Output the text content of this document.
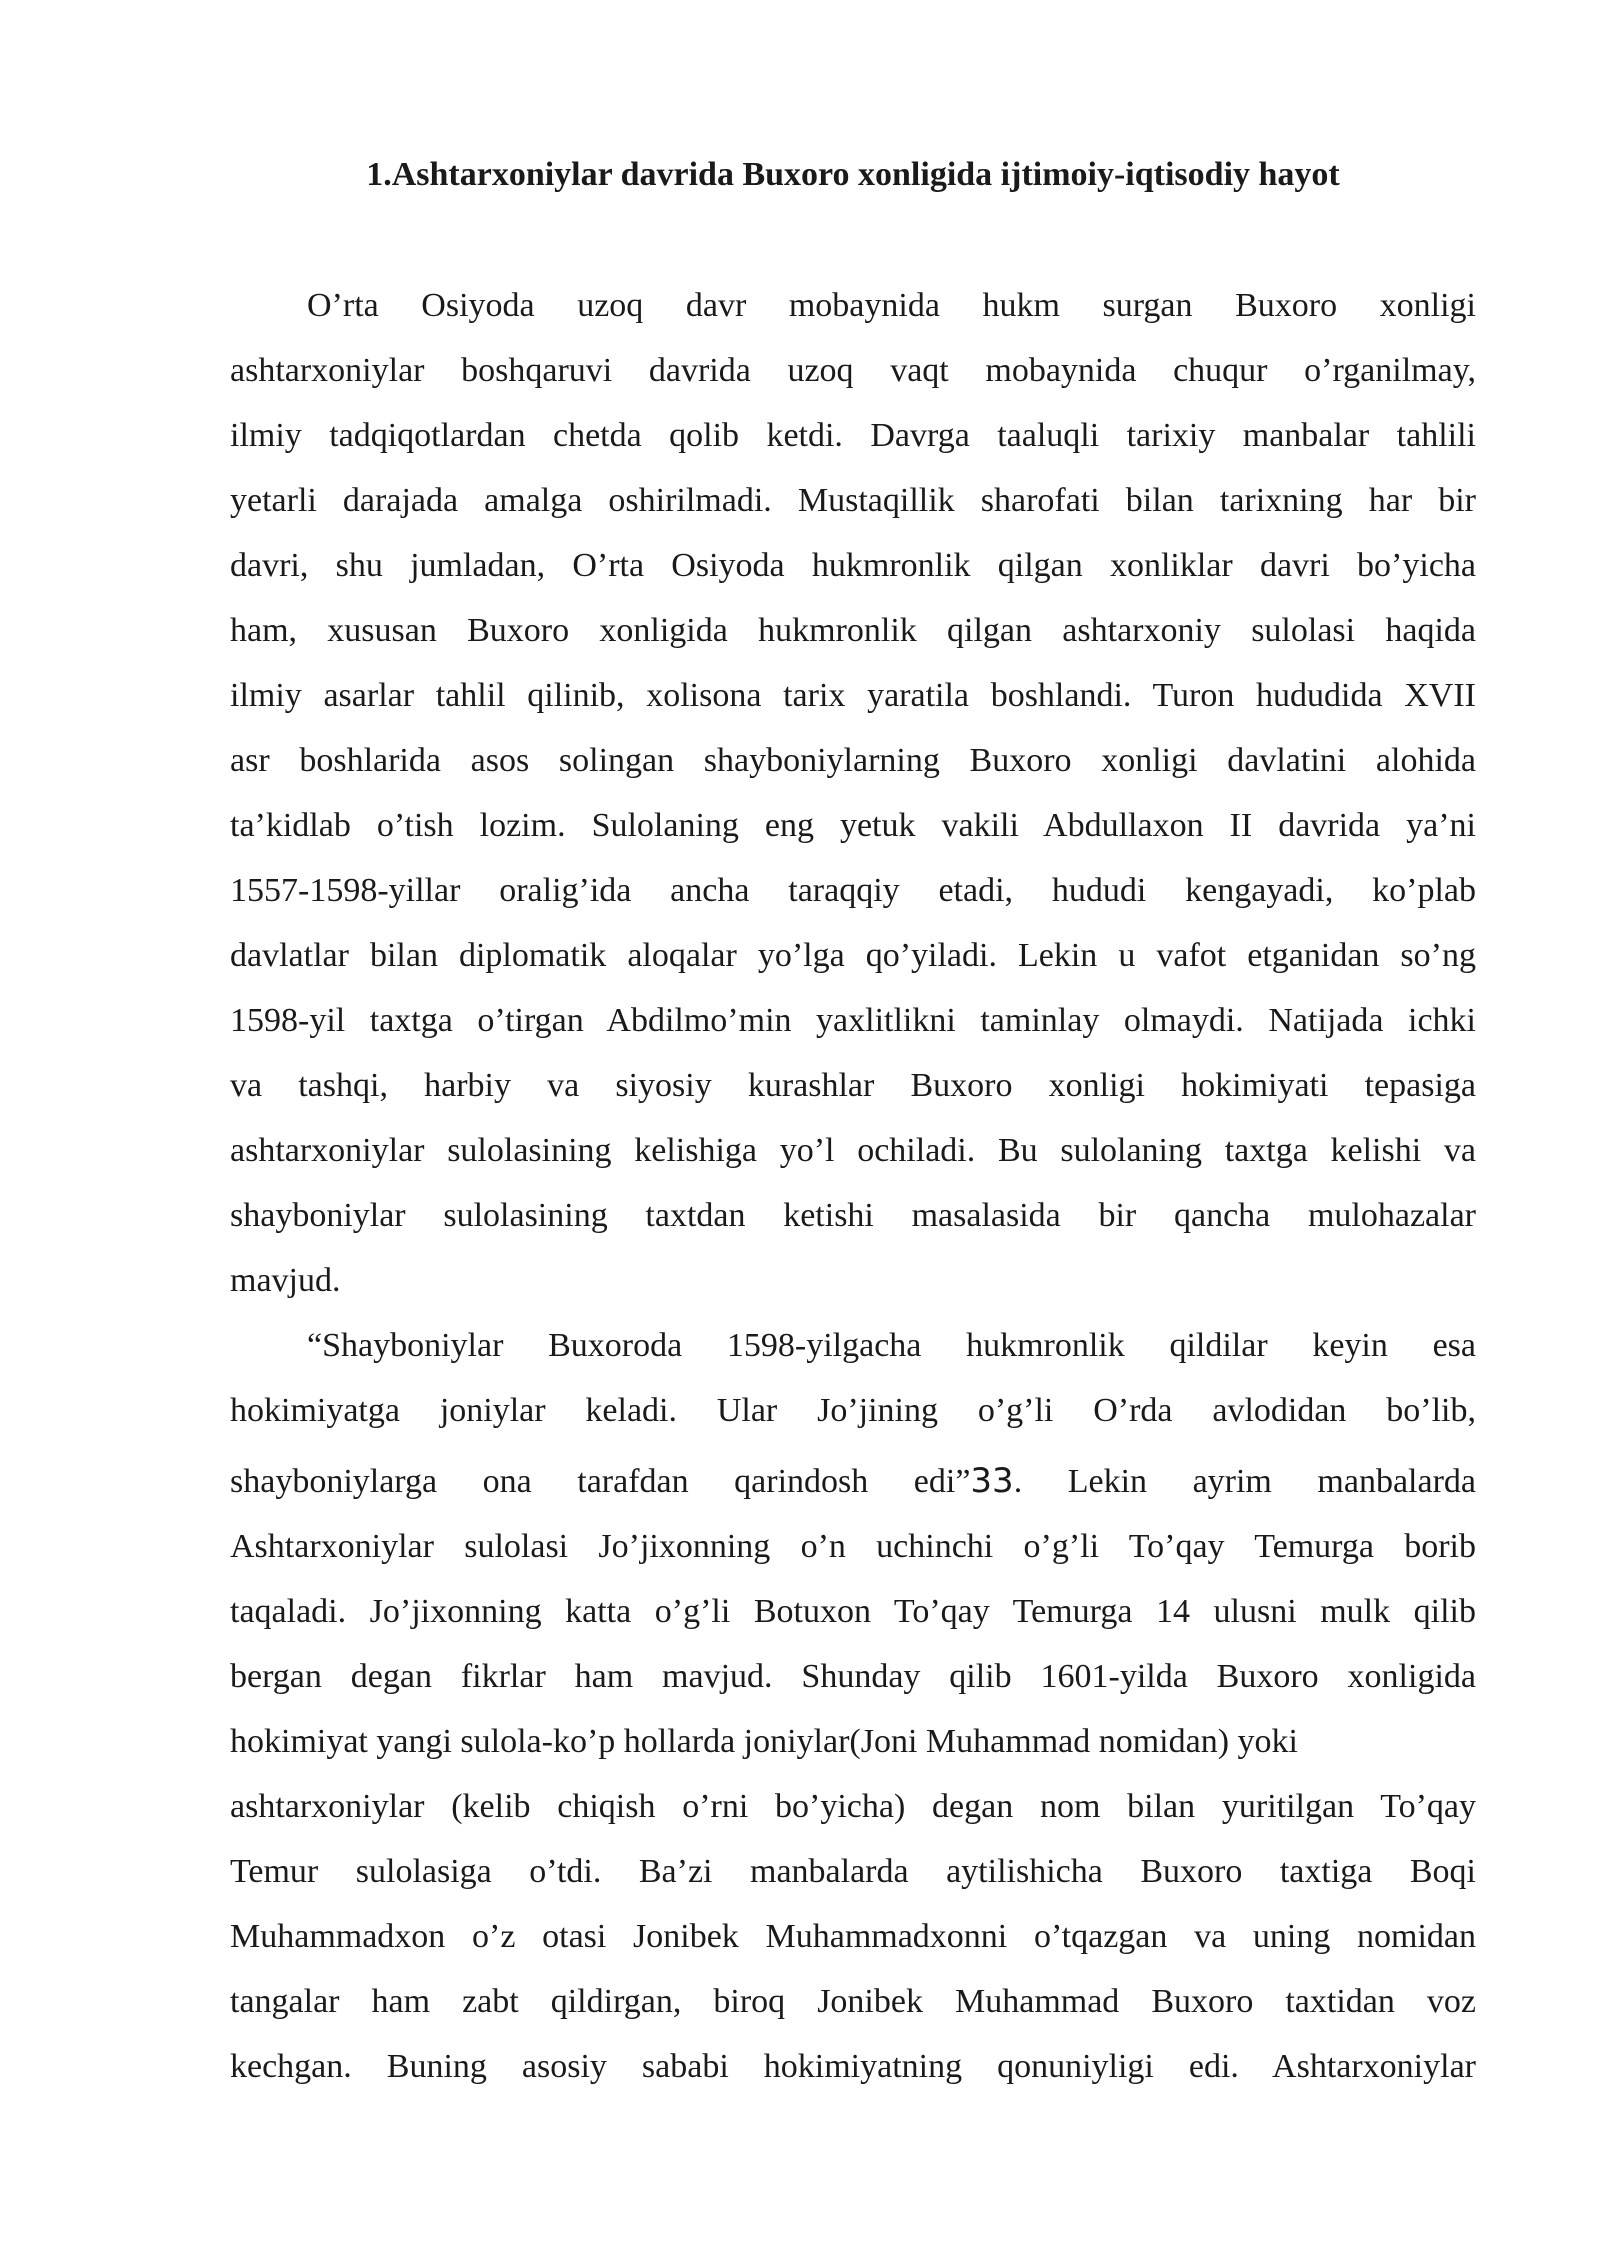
1.Ashtarxoniylar davrida Buxoro xonligida ijtimoiy-iqtisodiy hayot

O’rta Osiyoda uzoq davr mobaynida hukm surgan Buxoro xonligi

ashtarxoniylar boshqaruvi davrida uzoq vaqt mobaynida chuqur o’rganilmay,

ilmiy tadqiqotlardan chetda qolib ketdi. Davrga taaluqli tarixiy manbalar tahlili

yetarli darajada amalga oshirilmadi. Mustaqillik sharofati bilan tarixning har bir

davri, shu jumladan, O’rta Osiyoda hukmronlik qilgan xonliklar davri bo’yicha

ham, xususan Buxoro xonligida hukmronlik qilgan ashtarxoniy sulolasi haqida

ilmiy asarlar tahlil qilinib, xolisona tarix yaratila boshlandi. Turon hududida XVII

asr boshlarida asos solingan shayboniylarning Buxoro xonligi davlatini alohida

ta’kidlab o’tish lozim. Sulolaning eng yetuk vakili Abdullaxon II davrida ya’ni

1557-1598-yillar oralig’ida ancha taraqqiy etadi, hududi kengayadi, ko’plab

davlatlar bilan diplomatik aloqalar yo’lga qo’yiladi. Lekin u vafot etganidan so’ng

1598-yil taxtga o’tirgan Abdilmo’min yaxlitlikni taminlay olmaydi. Natijada ichki

va tashqi, harbiy va siyosiy kurashlar Buxoro xonligi hokimiyati tepasiga

ashtarxoniylar sulolasining kelishiga yo’l ochiladi. Bu sulolaning taxtga kelishi va

shayboniylar sulolasining taxtdan ketishi masalasida bir qancha mulohazalar

mavjud.

“Shayboniylar Buxoroda 1598-yilgacha hukmronlik qildilar keyin esa

hokimiyatga joniylar keladi. Ular Jo’jining o’g’li O’rda avlodidan bo’lib,

shayboniylarga ona tarafdan qarindosh edi”33. Lekin ayrim manbalarda

Ashtarxoniylar sulolasi Jo’jixonning o’n uchinchi o’g’li To’qay Temurga borib

taqaladi. Jo’jixonning katta o’g’li Botuxon To’qay Temurga 14 ulusni mulk qilib

bergan degan fikrlar ham mavjud. Shunday qilib 1601-yilda Buxoro xonligida

hokimiyat yangi sulola-ko’p hollarda joniylar(Joni Muhammad nomidan) yoki

ashtarxoniylar (kelib chiqish o’rni bo’yicha) degan nom bilan yuritilgan To’qay

Temur sulolasiga o’tdi. Ba’zi manbalarda aytilishicha Buxoro taxtiga Boqi

Muhammadxon o’z otasi Jonibek Muhammadxonni o’tqazgan va uning nomidan

tangalar ham zabt qildirgan, biroq Jonibek Muhammad Buxoro taxtidan voz

kechgan. Buning asosiy sababi hokimiyatning qonuniyligi edi. Ashtarxoniylar
